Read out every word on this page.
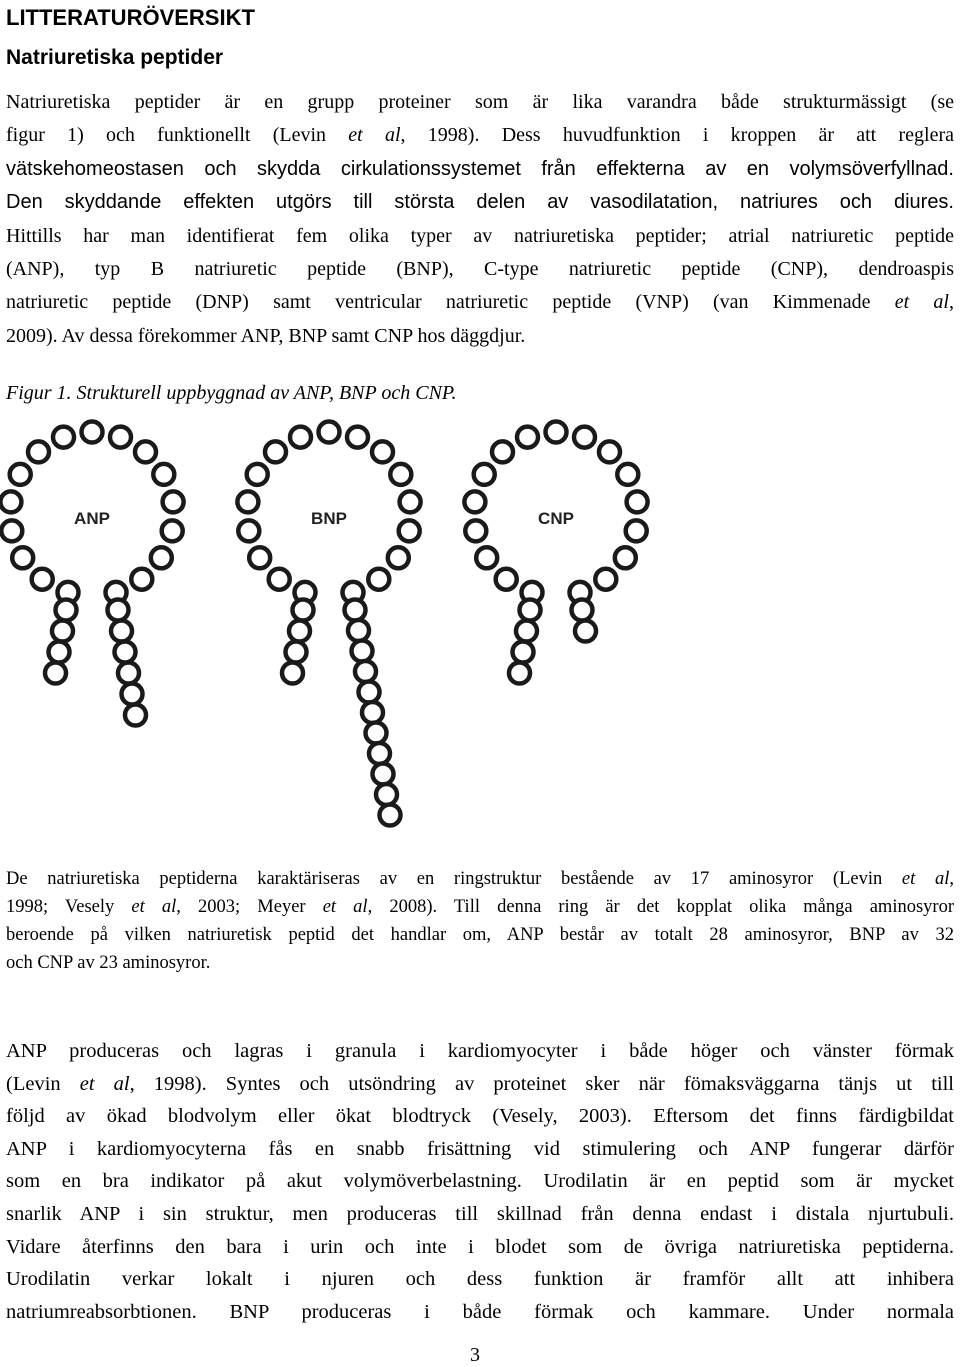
LITTERATURÖVERSIKT
Natriuretiska peptider
Natriuretiska peptider är en grupp proteiner som är lika varandra både strukturmässigt (se
figur 1) och funktionellt (Levin et al, 1998). Dess huvudfunktion i kroppen är att reglera
vätskehomeostasen och skydda cirkulationssystemet från effekterna av en volymsöverfyllnad.
Den skyddande effekten utgörs till största delen av vasodilatation, natriures och diures.
Hittills har man identifierat fem olika typer av natriuretiska peptider; atrial natriuretic peptide
(ANP), typ B natriuretic peptide (BNP), C-type natriuretic peptide (CNP), dendroaspis
natriuretic peptide (DNP) samt ventricular natriuretic peptide (VNP) (van Kimmenade et al,
2009). Av dessa förekommer ANP, BNP samt CNP hos däggdjur.

Figur 1. Strukturell uppbyggnad av ANP, BNP och CNP.

ANP	BNP	CNP
De natriuretiska peptiderna karaktäriseras av en ringstruktur bestående av 17 aminosyror (Levin et al,
1998; Vesely et al, 2003; Meyer et al, 2008). Till denna ring är det kopplat olika många aminosyror
beroende på vilken natriuretisk peptid det handlar om, ANP består av totalt 28 aminosyror, BNP av 32
och CNP av 23 aminosyror.
ANP produceras och lagras i granula i kardiomyocyter i både höger och vänster förmak
(Levin et al, 1998). Syntes och utsöndring av proteinet sker när fömaksväggarna tänjs ut till
följd av ökad blodvolym eller ökat blodtryck (Vesely, 2003). Eftersom det finns färdigbildat
ANP i kardiomyocyterna fås en snabb frisättning vid stimulering och ANP fungerar därför
som en bra indikator på akut volymöverbelastning. Urodilatin är en peptid som är mycket
snarlik ANP i sin struktur, men produceras till skillnad från denna endast i distala njurtubuli.
Vidare återfinns den bara i urin och inte i blodet som de övriga natriuretiska peptiderna.
Urodilatin verkar lokalt i njuren och dess funktion är framför allt att inhibera
natriumreabsorbtionen. BNP produceras i både förmak och kammare. Under normala
3
